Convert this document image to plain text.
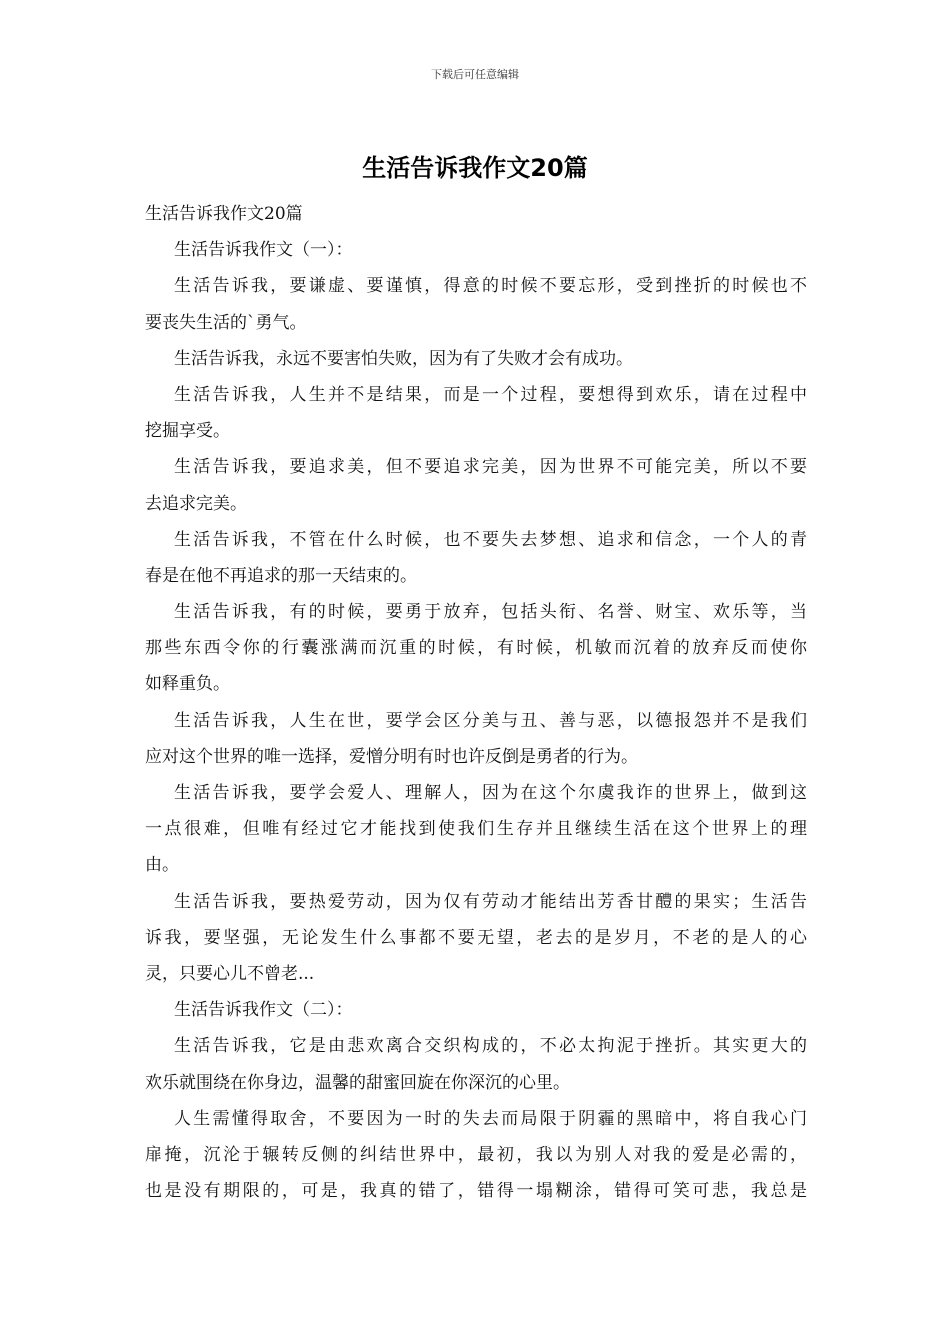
下载后可任意编辑
生活告诉我作文20篇
生活告诉我作文20篇
生活告诉我作文（一）：
生活告诉我，要谦虚、要谨慎，得意的时候不要忘形，受到挫折的时候也不
要丧失生活的`勇气。
生活告诉我，永远不要害怕失败，因为有了失败才会有成功。
生活告诉我，人生并不是结果，而是一个过程，要想得到欢乐，请在过程中
挖掘享受。
生活告诉我，要追求美，但不要追求完美，因为世界不可能完美，所以不要
去追求完美。
生活告诉我，不管在什么时候，也不要失去梦想、追求和信念，一个人的青
春是在他不再追求的那一天结束的。
生活告诉我，有的时候，要勇于放弃，包括头衔、名誉、财宝、欢乐等，当
那些东西令你的行囊涨满而沉重的时候，有时候，机敏而沉着的放弃反而使你
如释重负。
生活告诉我，人生在世，要学会区分美与丑、善与恶，以德报怨并不是我们
应对这个世界的唯一选择，爱憎分明有时也许反倒是勇者的行为。
生活告诉我，要学会爱人、理解人，因为在这个尔虞我诈的世界上，做到这
一点很难，但唯有经过它才能找到使我们生存并且继续生活在这个世界上的理
由。
生活告诉我，要热爱劳动，因为仅有劳动才能结出芳香甘醴的果实；生活告
诉我，要坚强，无论发生什么事都不要无望，老去的是岁月，不老的是人的心
灵，只要心儿不曾老...
生活告诉我作文（二）：
生活告诉我，它是由悲欢离合交织构成的，不必太拘泥于挫折。其实更大的
欢乐就围绕在你身边，温馨的甜蜜回旋在你深沉的心里。
人生需懂得取舍，不要因为一时的失去而局限于阴霾的黑暗中，将自我心门
扉掩，沉沦于辗转反侧的纠结世界中，最初，我以为别人对我的爱是必需的，
也是没有期限的，可是，我真的错了，错得一塌糊涂，错得可笑可悲，我总是
